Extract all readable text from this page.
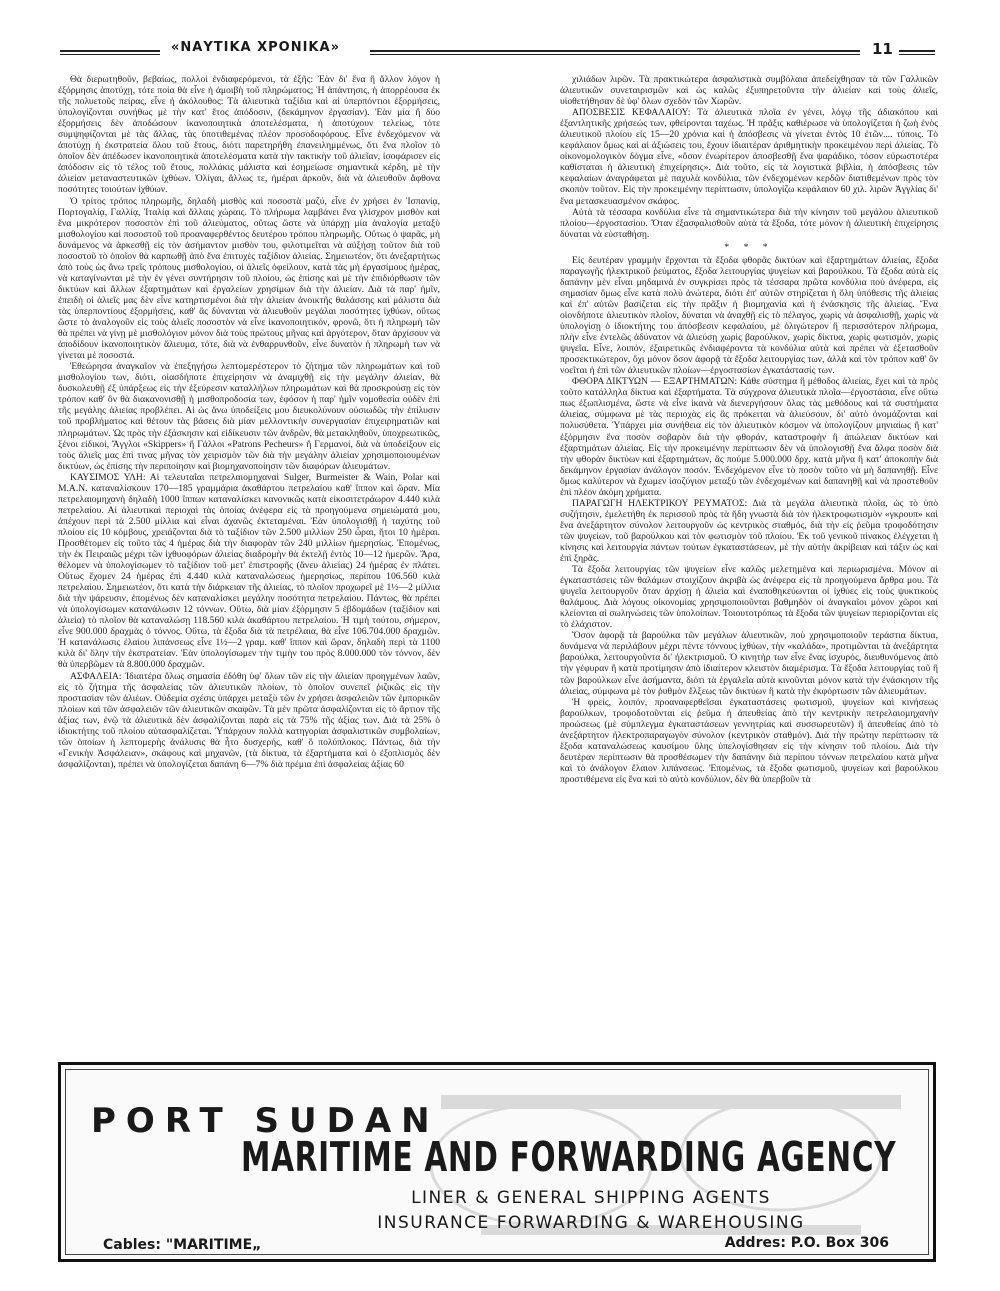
«ΝΑΥΤΙΚΑ ΧΡΟΝΙΚΑ»	11

Θὰ διερωτηθοῦν, βεβαίως, πολλοὶ ἐνδιαφερόμενοι, τὰ ἑξῆς: Ἐὰν δι' ἕνα ἢ ἄλλον λόγον ἡ ἐξόρμησις ἀποτύχῃ, τότε ποία θὰ εἶνε ἡ ἀμοιβὴ τοῦ πληρώματος; Ἡ ἀπάντησις, ἡ ἀπορρέουσα ἐκ τῆς πολυετοῦς πείρας, εἶνε ἡ ἀκόλουθος: Τὰ ἁλιευτικὰ ταξίδια καὶ αἱ ὑπερπόντιοι ἐξορμήσεις, ὑπολογίζονται συνήθως μὲ τὴν κατ' ἔτος ἀπόδοσιν, (δεκάμηνον ἐργασίαν). Ἐὰν μία ἢ δύο ἐξορμήσεις δὲν ἀποδώσουν ἱκανοποιητικὰ ἀποτελέσματα, ἡ ἀποτύχουν τελείως, τότε συμψηφίζονται μὲ τὰς ἄλλας, τὰς ὑποτιθεμένας πλέον προσοδοφόρους. Εἶνε ἐνδεχόμενον νὰ ἀποτύχῃ ἡ ἐκστρατεία ὅλου τοῦ ἔτους, διότι παρετηρήθη ἐπανειλημμένως, ὅτι ἕνα πλοῖον τὸ ὁποῖον δὲν ἀπέδωσεν ἱκανοποιητικὰ ἀποτελέσματα κατὰ τὴν τακτικὴν τοῦ ἁλιεῖαν, ἰσοφάρισεν εἰς ἀπόδοσιν εἰς τὸ τέλος τοῦ ἔτους, πολλάκις μάλιστα καὶ ἐσημείωσε σημαντικὰ κέρδη, μὲ τὴν ἁλιείαν μεταναστευτικῶν ἰχθύων. Ὀλίγαι, ἄλλως τε, ἡμέραι ἀρκοῦν, διὰ νὰ ἁλιευθοῦν ἄφθονα ποσότητες τοιούτων ἰχθύων.

Ὁ τρίτος τρόπος πληρωμῆς, δηλαδὴ μισθὸς καὶ ποσοστὰ μαζύ, εἶνε ἐν χρήσει ἐν Ἰσπανίᾳ, Πορτογαλίᾳ, Γαλλίᾳ, Ἰταλίᾳ καὶ ἄλλαις χώραις. Τὸ πλήρωμα λαμβάνει ἕνα γλίσχρον μισθὸν καὶ ἕνα μικρότερον ποσοστὸν ἐπὶ τοῦ ἁλιεύματος, οὕτως ὥστε νὰ ὑπάρχῃ μία ἀναλογία μεταξὺ μισθολογίου καὶ ποσοστοῦ τοῦ προαναφερθέντος δευτέρου τρόπου πληρωμῆς. Οὕτως ὁ ψαρᾶς, μὴ δυνάμενος νὰ ἀρκεσθῇ εἰς τὸν ἀσήμαντον μισθὸν του, φιλοτιμεῖται νὰ αὐξήσῃ τοῦτον διὰ τοῦ ποσοστοῦ τὸ ὁποῖον θὰ καρπωθῇ ἀπὸ ἕνα ἐπιτυχὲς ταξίδιον ἁλιείας. Σημειωτέον, ὅτι ἀνεξαρτήτως ἀπὸ τοὺς ὡς ἄνω τρεῖς τρόπους μισθολογίου, οἱ ἁλιεῖς ὀφείλουν, κατὰ τὰς μὴ ἐργασίμους ἡμέρας, νὰ καταγίνωνται μὲ τὴν ἐν γένει συντήρησιν τοῦ πλοίου, ὡς ἐπίσης καὶ μὲ τὴν ἐπιδιόρθωσιν τῶν δικτύων καὶ ἄλλων ἐξαρτημάτων καὶ ἐργαλείων χρησίμων διὰ τὴν ἁλιείαν. Διὰ τὰ παρ' ἡμῖν, ἐπειδὴ οἱ ἁλιεῖς μας δὲν εἶνε κατηρτισμένοι διὰ τὴν ἁλιείαν ἀνοικτῆς θαλάσσης καὶ μάλιστα διὰ τὰς ὑπερποντίους ἐξορμήσεις, καθ' ἃς δύνανται νὰ ἁλιευθοῦν μεγάλαι ποσότητες ἰχθύων, οὕτως ὥστε τὸ ἀναλογοῦν εἰς τοὺς ἁλιεῖς ποσοστὸν νὰ εἶνε ἱκανοποιητικόν, φρονῶ, ὅτι ἡ πληρωμὴ τῶν θὰ πρέπει νὰ γίνῃ μὲ μισθολόγιον μόνον διὰ τοὺς πρώτους μῆνας καὶ ἀργότερον, ὅταν ἀρχίσουν νὰ ἀποδίδουν ἱκανοποιητικὸν ἅλιευμα, τότε, διὰ νὰ ἐνθαρρυνθοῦν, εἶνε δυνατὸν ἡ πληρωμὴ των νὰ γίνεται μὲ ποσοστά.

Ἐθεώρησα ἀναγκαῖον νὰ ἐπεξηγήσω λεπτομερέστερον τὸ ζήτημα τῶν πληρωμάτων καὶ τοῦ μισθολογίου των, διότι, οἱασδήποτε ἐπιχείρησιν νὰ ἀναμιχθῇ εἰς τὴν μεγάλην ἁλιείαν, θὰ δυσκολευθῇ ἐξ ὑπάρξεως εἰς τὴν ἐξεύρεσιν καταλλήλων πληρωμάτων καὶ θὰ προσκρούσῃ εἰς τὸν τρόπον καθ' ὃν θὰ διακανονισθῇ ἡ μισθοπροδοσία των, ἐφόσον ἡ παρ' ἡμῖν νομοθεσία οὐδὲν ἐπὶ τῆς μεγάλης ἁλιείας προβλέπει. Αἱ ὡς ἄνω ὑποδείξεις μου διευκολύνουν οὐσιωδῶς τὴν ἐπίλυσιν τοῦ προβλήματος καὶ θέτουν τὰς βάσεις διὰ μίαν μελλοντικὴν συνεργασίαν ἐπιχειρηματιῶν καὶ πληρωμάτων. Ὡς πρὸς τὴν ἐξάσκησιν καὶ εἰδίκευσιν τῶν ἀνδρῶν, θὰ μετακληθοῦν, ὑποχρεωτικῶς, ξένοι εἰδικοί, Ἄγγλοι «Skippers» ἢ Γάλλοι «Patrons Pecheurs» ἢ Γερμανοί, διὰ νὰ ὑποδείξουν εἰς τοὺς ἁλιεῖς μας ἐπὶ τινας μῆνας τὸν χειρισμὸν τῶν διὰ τὴν μεγάλην ἁλιείαν χρησιμοποιουμένων δικτύων, ὡς ἐπίσης τὴν περιποίησιν καὶ βιομηχανοποίησιν τῶν διαφόρων ἁλιευμάτων.

ΚΑΥΣΙΜΟΣ ΥΛΗ: Αἱ τελευταῖαι πετρελαιομηχαναὶ Sulger, Burmeister & Wain, Polar καὶ M.A.N. καταναλίσκουν 170—185 γραμμάρια ἀκαθάρτου πετρελαίου καθ' ἵππον καὶ ὥραν. Μία πετρελαιομηχανὴ δηλαδὴ 1000 ἵππων καταναλίσκει κανονικῶς κατὰ εἰκοσιτετράωρον 4.440 κιλὰ πετρελαίου. Αἱ ἁλιευτικαὶ περιοχαὶ τὰς ὁποίας ἀνέφερα εἰς τὰ προηγούμενα σημειώματά μου, ἀπέχουν περὶ τὰ 2.500 μίλλια καὶ εἶναι ἀχανῶς ἐκτεταμέναι. Ἐὰν ὑπολογισθῇ ἡ ταχύτης τοῦ πλοίου εἰς 10 κόμβους, χρειάζονται διὰ τὸ ταξίδιον τῶν 2.500 μιλλίων 250 ὧραι, ἤτοι 10 ἡμέραι. Προσθέτομεν εἰς τοῦτο τὰς 4 ἡμέρας διὰ τὴν διαφορὰν τῶν 240 μιλλίων ἡμερησίως. Ἐπομένως, τὴν ἐκ Πειραιῶς μέχρι τῶν ἰχθυοφόρων ἁλιείας διαδρομὴν θὰ ἐκτελῇ ἐντὸς 10—12 ἡμερῶν. Ἄρα, θέλομεν νὰ ὑπολογίσωμεν τὸ ταξίδιον τοῦ μετ' ἐπιστροφῆς (ἄνευ ἁλιείας) 24 ἡμέρας ἐν πλάτει. Οὕτως ἔχομεν 24 ἡμέρας ἐπὶ 4.440 κιλὰ καταναλώσεως ἡμερησίως, περίπου 106.560 κιλὰ πετρελαίου. Σημειωτέον, ὅτι κατὰ τὴν διάρκειαν τῆς ἁλιείας, τὸ πλοῖον προχωρεῖ μὲ 1½—2 μίλλια διὰ τὴν ψάρευσιν, ἐπομένως δὲν καταναλίσκει μεγάλην ποσότητα πετρελαίου. Πάντως, θὰ πρέπει νὰ ὑπολογίσωμεν κατανάλωσιν 12 τόννων. Οὕτω, διὰ μίαν ἐξόρμησιν 5 ἑβδομάδων (ταξίδιον καὶ ἁλιεία) τὸ πλοῖον θὰ καταναλώσῃ 118.560 κιλὰ ἀκαθάρτου πετρελαίου. Ἡ τιμὴ τούτου, σήμερον, εἶνε 900.000 δραχμὰς ὁ τόννος. Οὕτω, τὰ ἔξοδα διὰ τὰ πετρέλαια, θὰ εἶνε 106.704.000 δραχμῶν. Ἡ κατανάλωσις ἐλαίου λιπάνσεως εἶνε 1½—2 γραμ. καθ' ἵππον καὶ ὥραν, δηλαδὴ περὶ τὰ 1100 κιλὰ δι' ὅλην τὴν ἐκστρατείαν. Ἐὰν ὑπολογίσωμεν τὴν τιμὴν του πρὸς 8.000.000 τὸν τόννον, δὲν θὰ ὑπερβῶμεν τὰ 8.800.000 δραχμῶν.

ΑΣΦΑΛΕΙΑ: Ἰδιαιτέρα ὅλως σημασία ἐδόθη ὑφ' ὅλων τῶν εἰς τὴν ἁλιείαν προηγμένων λαῶν, εἰς τὸ ζήτημα τῆς ἀσφαλείας τῶν ἁλιευτικῶν πλοίων, τὸ ὁποῖον συνεπεῖ ῥιζικῶς εἰς τὴν προστασίαν τῶν ἁλιέων. Οὐδεμία σχέσις ὑπάρχει μεταξὺ τῶν ἐν χρήσει ἀσφαλειῶν τῶν ἐμπορικῶν πλοίων καὶ τῶν ἀσφαλειῶν τῶν ἁλιευτικῶν σκαφῶν. Τὰ μὲν πρῶτα ἀσφαλίζονται εἰς τὸ ἄρτιον τῆς ἀξίας των, ἐνῷ τὰ ἁλιευτικὰ δὲν ἀσφαλίζονται παρὰ εἰς τὰ 75% τῆς ἀξίας των. Διὰ τὰ 25% ὁ ἰδιοκτήτης τοῦ πλοίου αὐτασφαλίζεται. Ὑπάρχουν πολλὰ κατηγορίαι ἀσφαλιστικῶν συμβολαίων, τῶν ὁποίων ἡ λεπτομερὴς ἀνάλυσις θὰ ἦτο δυσχερής, καθ' ὅ πολύπλοκος. Πάντως, διὰ τὴν «Γενικὴν Ἀσφάλειαν», σκάφους καὶ μηχανῶν, (τὰ δίκτυα, τὰ ἐξαρτήματα καὶ ὁ ἐξοπλισμὸς δὲν ἀσφαλίζονται), πρέπει νὰ ὑπολογίζεται δαπάνη 6—7% διὰ πρέμια ἐπὶ ἀσφαλείας ἀξίας 60

χιλιάδων λιρῶν. Τὰ πρακτικώτερα ἀσφαλιστικὰ συμβόλαια ἀπεδείχθησαν τὰ τῶν Γαλλικῶν ἁλιευτικῶν συνεταιρισμῶν καὶ ὡς καλῶς ἐξυπηρετοῦντα τὴν ἁλιείαν καὶ τοὺς ἁλιεῖς, υἱοθετήθησαν δὲ ὑφ' ὅλων σχεδὸν τῶν Χωρῶν.

ΑΠΟΣΒΕΣΙΣ ΚΕΦΑΛΑΙΟΥ: Τὰ ἁλιευτικὰ πλοῖα ἐν γένει, λόγῳ τῆς ἀδιακόπου καὶ ἐξαντλητικῆς χρήσεώς των, φθείρονται ταχέως. Ἡ πρᾶξις καθιέρωσε νὰ ὑπολογίζεται ἡ ζωὴ ἑνὸς ἁλιευτικοῦ πλοίου εἰς 15—20 χρόνια καὶ ἡ ἀπόσβεσις νὰ γίνεται ἐντὸς 10 ἐτῶν.... τύποις. Τὸ κεφάλαιον ὅμως καὶ αἱ ἀξιώσεις του, ἔχουν ἰδιαιτέραν ἀριθμητικὴν προκειμένου περὶ ἁλιείας. Τὸ οἰκονομολογικὸν δόγμα εἶνε, «ὅσον ἐνωρίτερον ἀποσβεσθῇ ἕνα ψαράδικο, τόσον εὐρωστοτέρα καθίσταται ἡ ἁλιευτικὴ ἐπιχείρησις». Διὰ τοῦτο, εἰς τὰ λογιστικὰ βιβλία, ἡ ἀπόσβεσις τῶν κεφαλαίων ἀναγράφεται μὲ παχυλὰ κονδύλια, τῶν ἐνδεχομένων κερδῶν διατιθεμένων πρὸς τὸν σκοπὸν τοῦτον. Εἰς τὴν προκειμένην περίπτωσιν, ὑπολογίζω κεφάλαιον 60 χιλ. λιρῶν Ἀγγλίας δι' ἕνα μετασκευασμένον σκάφος.

Αὐτὰ τὰ τέσσαρα κονδύλια εἶνε τὰ σημαντικώτερα διὰ τὴν κίνησιν τοῦ μεγάλου ἁλιευτικοῦ πλοίου—ἐργοστασίου. Ὅταν ἐξασφαλισθοῦν αὐτὰ τὰ ἔξοδα, τότε μόνον ἡ ἁλιευτικὴ ἐπιχείρησις δύναται νὰ εὐσταθήσῃ.

* * *

Εἰς δευτέραν γραμμὴν ἔρχονται τὰ ἔξοδα φθορᾶς δικτύων καὶ ἐξαρτημάτων ἁλιείας, ἔξοδα παραγωγῆς ἠλεκτρικοῦ ῥεύματος, ἔξοδα λειτουργίας ψυγείων καὶ βαρούλκου. Τὰ ἔξοδα αὐτὰ εἰς δαπάνην μὲν εἶναι μηδαμινὰ ἐν συγκρίσει πρὸς τὰ τέσσαρα πρῶτα κονδύλια ποὺ ἀνέφερα, εἰς σημασίαν ὅμως εἶνε κατὰ πολὺ ἀνώτερα, διότι ἐπ' αὐτῶν στηρίζεται ἡ ὅλη ὑπόθεσις τῆς ἁλιείας καὶ ἐπ' αὐτῶν βασίζεται εἰς τὴν πρᾶξιν ἡ βιομηχανία καὶ ἡ ἐνάσκησις τῆς ἁλιείας. Ἕνα οἱονδήποτε ἁλιευτικὸν πλοῖον, δύναται νὰ ἀναχθῇ εἰς τὸ πέλαγος, χωρὶς νὰ ἀσφαλισθῇ, χωρὶς νὰ ὑπολογίσῃ ὁ ἰδιοκτήτης του ἀπόσβεσιν κεφαλαίου, μὲ ὀλιγώτερον ἢ περισσότερον πλήρωμα, πλὴν εἶνε ἐντελῶς ἀδύνατον νὰ ἁλιεύσῃ χωρὶς βαρούλκον, χωρὶς δίκτυα, χωρὶς φωτισμόν, χωρὶς ψυγεῖα. Εἶνε, λοιπόν, ἐξαιρετικῶς ἐνδιαφέροντα τὰ κονδύλια αὐτὰ καὶ πρέπει νὰ ἐξετασθοῦν προσεκτικώτερον, ὄχι μόνον ὅσον ἀφορᾷ τὰ ἔξοδα λειτουργίας των, ἀλλὰ καὶ τὸν τρόπον καθ' ὃν νοεῖται ἡ ἐπὶ τῶν ἁλιευτικῶν πλοίων—ἐργοστασίων ἐγκατάστασίς των.

ΦΘΟΡΑ ΔΙΚΤΥΩΝ — ΕΞΑΡΤΗΜΑΤΩΝ: Κάθε σύστημα ἢ μέθοδος ἁλιείας, ἔχει καὶ τὰ πρὸς τοῦτο κατάλληλα δίκτυα καὶ ἐξαρτήματα. Τὰ σύγχρονα ἁλιευτικὰ πλοῖα—ἐργοστάσια, εἶνε οὕτω πως ἐξωπλισμένα, ὥστε νὰ εἶνε ἱκανὰ νὰ διενεργήσουν ὅλας τὰς μεθόδους καὶ τὰ συστήματα ἁλιείας, σύμφωνα μὲ τὰς περιοχὰς εἰς ἃς πρόκειται νὰ ἁλιεύσουν, δι' αὐτὸ ὀνομάζονται καὶ πολυσύθετα. Ὑπάρχει μία συνήθεια εἰς τὸν ἁλιευτικὸν κόσμον νὰ ὑπολογίζουν μηνιαίως ἢ κατ' ἐξόρμησιν ἕνα ποσὸν σοβαρὸν διὰ τὴν φθοράν, καταστροφὴν ἢ ἀπώλειαν δικτύων καὶ ἐξαρτημάτων ἁλιείας. Εἰς τὴν προκειμένην περίπτωσιν δὲν νὰ ὑπολογισθῇ ἕνα ἄλφα ποσὸν διὰ τὴν φθορὰν δικτύων καὶ ἐξαρτημάτων, ἂς πούμε 5.000.000 δρχ. κατὰ μῆνα ἢ κατ' ἀποκοπὴν διὰ δεκάμηνον ἐργασίαν ἀνάλογον ποσόν. Ἐνδεχόμενον εἶνε τὸ ποσὸν τοῦτο νὰ μὴ δαπανηθῇ. Εἶνε ὅμως καλύτερον νὰ ἔχωμεν ἰσοζύγιον μεταξὺ τῶν ἐνδεχομένων καὶ δαπανηθῇ καὶ νὰ προστεθοῦν ἐπὶ πλέον ἀκόμη χρήματα.

ΠΑΡΑΓΩΓΗ ΗΛΕΚΤΡΙΚΟΥ ΡΕΥΜΑΤΟΣ: Διὰ τὰ μεγάλα ἁλιευτικὰ πλοῖα, ὡς τὸ ὑπὸ συζήτησιν, ἐμελετήθη ἐκ περισσοῦ πρὸς τὰ ἤδη γνωστὰ διὰ τὸν ἠλεκτροφωτισμὸν «γκρουπ» καὶ ἕνα ἀνεξάρτητον σύνολον λειτουργοῦν ὡς κεντρικὸς σταθμός, διὰ τὴν εἰς ῥεῦμα τροφοδότησιν τῶν ψυγείων, τοῦ βαρούλκου καὶ τὸν φωτισμὸν τοῦ πλοίου. Ἐκ τοῦ γενικοῦ πίνακος ἐλέγχεται ἡ κίνησις καὶ λειτουργία πάντων τούτων ἐγκαταστάσεων, μὲ τὴν αὐτὴν ἀκρίβειαν καὶ τάξιν ὡς καὶ ἐπὶ ξηρᾶς.

Τὰ ἔξοδα λειτουργίας τῶν ψυγείων εἶνε καλῶς μελετημένα καὶ περιωρισμένα. Μόνον αἱ ἐγκαταστάσεις τῶν θαλάμων στοιχίζουν ἀκριβὰ ὡς ἀνέφερα εἰς τὰ προηγούμενα ἄρθρα μου. Τὰ ψυγεῖα λειτουργοῦν ὅταν ἀρχίσῃ ἡ ἁλιεία καὶ ἐναποθηκεύωνται οἱ ἰχθύες εἰς τοὺς ψυκτικοὺς θαλάμους. Διὰ λόγους οἰκονομίας χρησιμοποιοῦνται βαθμηδὸν οἱ ἀναγκαῖοι μόνον χῶροι καὶ κλείονται αἱ σωληνώσεις τῶν ὑπολοίπων. Τοιουτοτρόπως τὰ ἔξοδα τῶν ψυγείων περιορίζονται εἰς τὸ ἐλάχιστον.

Ὅσον ἀφορᾷ τὰ βαρούλκα τῶν μεγάλων ἁλιευτικῶν, ποὺ χρησιμοποιοῦν τεράστια δίκτυα, δυνάμενα νὰ περιλάβουν μέχρι πέντε τόννους ἰχθύων, τὴν «καλάδα», προτιμῶνται τὰ ἀνεξάρτητα βαρούλκα, λειτουργοῦντα δι' ἠλεκτρισμοῦ. Ὁ κινητὴρ των εἶνε ἕνας ἰσχυρός, διευθυνόμενος ἀπὸ τὴν γέφυραν ἢ κατὰ προτίμησιν ἀπὸ ἰδιαίτερον κλειστὸν διαμέρισμα. Τὰ ἔξοδα λειτουργίας τοῦ ἢ τῶν βαρούλκων εἶνε ἀσήμαντα, διότι τὰ ἐργαλεῖα αὐτὰ κινοῦνται μόνον κατὰ τὴν ἐνάσκησιν τῆς ἁλιείας, σύμφωνα μὲ τὸν ῥυθμὸν ἕλξεως τῶν δικτύων ἢ κατὰ τὴν ἐκφόρτωσιν τῶν ἁλιευμάτων.

Ἡ φρεὶς, λοιπόν, προαναφερθεῖσαι ἐγκαταστάσεις φωτισμοῦ, ψυγείων καὶ κινήσεως βαρούλκων, τροφοδοτοῦνται εἰς ῥεῦμα ἡ ἀπευθείας ἀπὸ τὴν κεντρικὴν πετρελαιομηχανὴν προώσεως (μὲ σύμπλεγμα ἐγκαταστάσεων γεννητρίας καὶ συσσωρευτῶν) ἢ ἀπευθείας ἀπὸ τὸ ἀνεξάρτητον ἠλεκτροπαραγωγὸν σύνολον (κεντρικὸν σταθμόν). Διὰ τὴν πρώτην περίπτωσιν τὰ ἔξοδα καταναλώσεως καυσίμου ὕλης ὑπελογίσθησαν εἰς τὴν κίνησιν τοῦ πλοίου. Διὰ τὴν δευτέραν περίπτωσιν θὰ προσθέσωμεν τὴν δαπάνην διὰ περίπου τόννων πετρελαίου κατὰ μῆνα καὶ τὸ ἀνάλογον ἔλαιον λιπάνσεως. Ἐπομένως, τὰ ἔξοδα φωτισμοῦ, ψυγείων καὶ βαρούλκου προστιθέμενα εἰς ἕνα καὶ τὸ αὐτὸ κονδύλιον, δὲν θὰ ὑπερβοῦν τὰ

PORT SUDAN
MARITIME AND FORWARDING AGENCY
LINER & GENERAL SHIPPING AGENTS
INSURANCE FORWARDING & WAREHOUSING
Cables: "MARITIME„	Addres: P.O. Box 306
